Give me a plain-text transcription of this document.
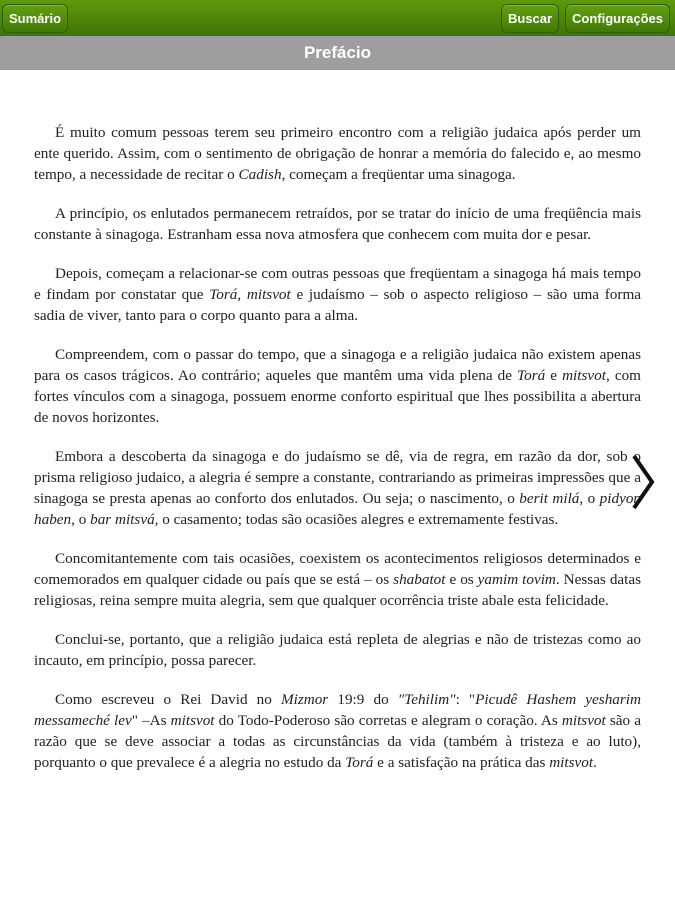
Sumário	Buscar	Configurações
Prefácio

É muito comum pessoas terem seu primeiro encontro com a religião judaica após perder um ente querido. Assim, com o sentimento de obrigação de honrar a memória do falecido e, ao mesmo tempo, a necessidade de recitar o Cadish, começam a freqüentar uma sinagoga.

A princípio, os enlutados permanecem retraídos, por se tratar do início de uma freqüência mais constante à sinagoga. Estranham essa nova atmosfera que conhecem com muita dor e pesar.

Depois, começam a relacionar-se com outras pessoas que freqüentam a sinagoga há mais tempo e findam por constatar que Torá, mitsvot e judaísmo – sob o aspecto religioso – são uma forma sadia de viver, tanto para o corpo quanto para a alma.

Compreendem, com o passar do tempo, que a sinagoga e a religião judaica não existem apenas para os casos trágicos. Ao contrário; aqueles que mantêm uma vida plena de Torá e mitsvot, com fortes vínculos com a sinagoga, possuem enorme conforto espiritual que lhes possibilita a abertura de novos horizontes.

Embora a descoberta da sinagoga e do judaísmo se dê, via de regra, em razão da dor, sob o prisma religioso judaico, a alegria é sempre a constante, contrariando as primeiras impressões que a sinagoga se presta apenas ao conforto dos enlutados. Ou seja; o nascimento, o berit milá, o pidyon haben, o bar mitsvá, o casamento; todas são ocasiões alegres e extremamente festivas.

Concomitantemente com tais ocasiões, coexistem os acontecimentos religiosos determinados e comemorados em qualquer cidade ou país que se está – os shabatot e os yamim tovim. Nessas datas religiosas, reina sempre muita alegria, sem que qualquer ocorrência triste abale esta felicidade.

Conclui-se, portanto, que a religião judaica está repleta de alegrias e não de tristezas como ao incauto, em princípio, possa parecer.

Como escreveu o Rei David no Mizmor 19:9 do "Tehilim": "Picudê Hashem yesharim messameché lev" –As mitsvot do Todo-Poderoso são corretas e alegram o coração. As mitsvot são a razão que se deve associar a todas as circunstâncias da vida (também à tristeza e ao luto), porquanto o que prevalece é a alegria no estudo da Torá e a satisfação na prática das mitsvot.
